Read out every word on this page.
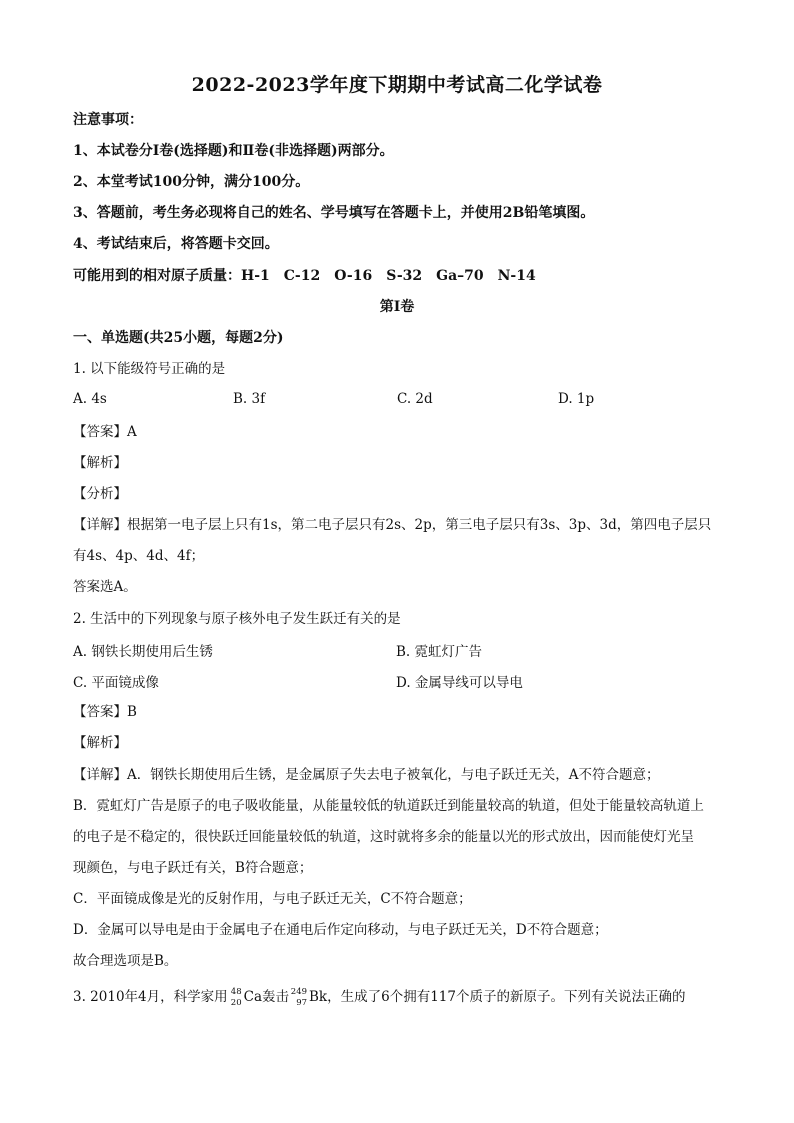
2022-2023学年度下期期中考试高二化学试卷
注意事项：
1、本试卷分Ⅰ卷(选择题)和Ⅱ卷(非选择题)两部分。
2、本堂考试100分钟，满分100分。
3、答题前，考生务必现将自己的姓名、学号填写在答题卡上，并使用2B铅笔填图。
4、考试结束后，将答题卡交回。
可能用到的相对原子质量：H-1　C-12　O-16　S-32　Ga–70　N-14
第Ⅰ卷
一、单选题(共25小题，每题2分)
1. 以下能级符号正确的是
A. 4s	B. 3f	C. 2d	D. 1p
【答案】A
【解析】
【分析】
【详解】根据第一电子层上只有1s，第二电子层只有2s、2p，第三电子层只有3s、3p、3d，第四电子层只
有4s、4p、4d、4f；
答案选A。
2. 生活中的下列现象与原子核外电子发生跃迁有关的是
A. 钢铁长期使用后生锈	B. 霓虹灯广告
C. 平面镜成像	D. 金属导线可以导电
【答案】B
【解析】
【详解】A．钢铁长期使用后生锈，是金属原子失去电子被氧化，与电子跃迁无关，A不符合题意；
B．霓虹灯广告是原子的电子吸收能量，从能量较低的轨道跃迁到能量较高的轨道，但处于能量较高轨道上
的电子是不稳定的，很快跃迁回能量较低的轨道，这时就将多余的能量以光的形式放出，因而能使灯光呈
现颜色，与电子跃迁有关，B符合题意；
C．平面镜成像是光的反射作用，与电子跃迁无关，C不符合题意；
D．金属可以导电是由于金属电子在通电后作定向移动，与电子跃迁无关，D不符合题意；
故合理选项是B。
3. 2010年4月，科学家用 48
20 Ca轰击 249
97 Bk，生成了6个拥有117个质子的新原子。下列有关说法正确的
